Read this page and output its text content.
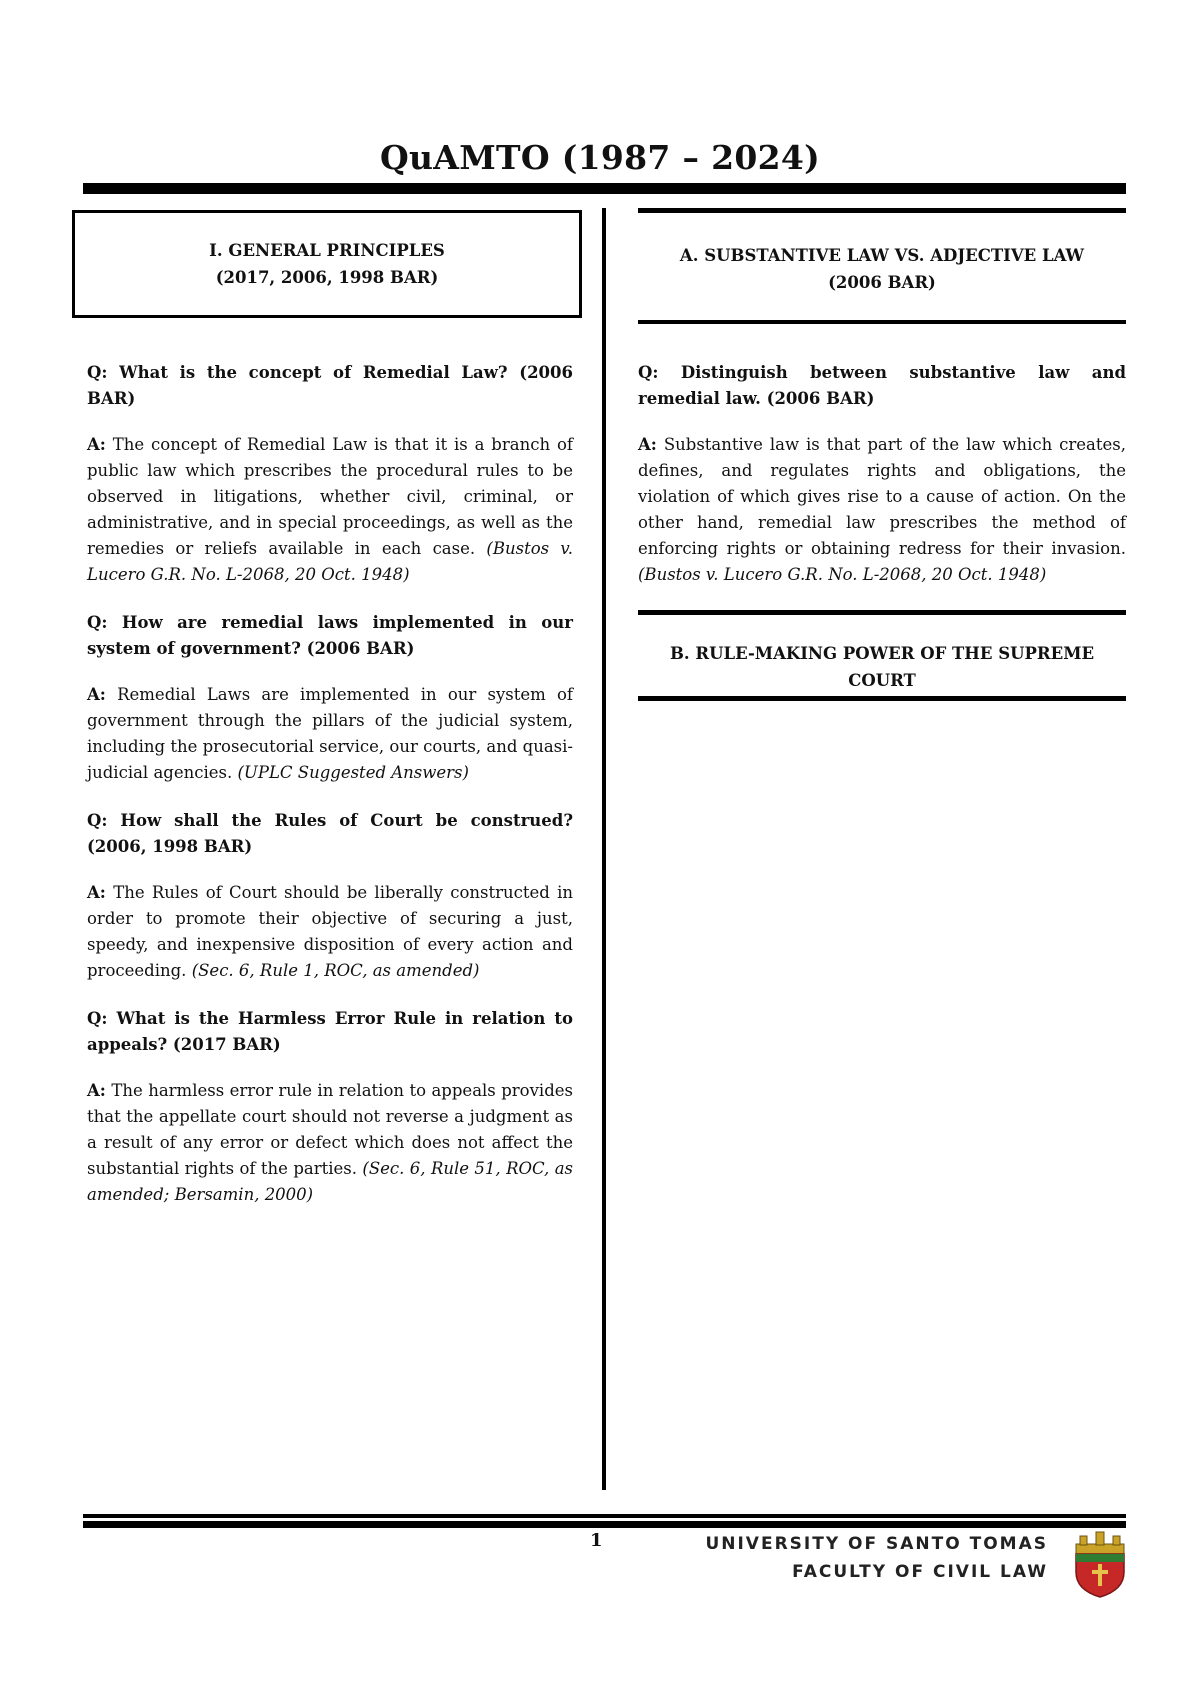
QuAMTO (1987 – 2024)
I. GENERAL PRINCIPLES
(2017, 2006, 1998 BAR)

Q: What is the concept of Remedial Law? (2006 BAR)

A: The concept of Remedial Law is that it is a branch of public law which prescribes the procedural rules to be observed in litigations, whether civil, criminal, or administrative, and in special proceedings, as well as the remedies or reliefs available in each case. (Bustos v. Lucero G.R. No. L-2068, 20 Oct. 1948)

Q: How are remedial laws implemented in our system of government? (2006 BAR)

A: Remedial Laws are implemented in our system of government through the pillars of the judicial system, including the prosecutorial service, our courts, and quasi-judicial agencies. (UPLC Suggested Answers)

Q: How shall the Rules of Court be construed? (2006, 1998 BAR)

A: The Rules of Court should be liberally constructed in order to promote their objective of securing a just, speedy, and inexpensive disposition of every action and proceeding. (Sec. 6, Rule 1, ROC, as amended)

Q: What is the Harmless Error Rule in relation to appeals? (2017 BAR)

A: The harmless error rule in relation to appeals provides that the appellate court should not reverse a judgment as a result of any error or defect which does not affect the substantial rights of the parties. (Sec. 6, Rule 51, ROC, as amended; Bersamin, 2000)

A. SUBSTANTIVE LAW VS. ADJECTIVE LAW
(2006 BAR)

Q: Distinguish between substantive law and remedial law. (2006 BAR)

A: Substantive law is that part of the law which creates, defines, and regulates rights and obligations, the violation of which gives rise to a cause of action. On the other hand, remedial law prescribes the method of enforcing rights or obtaining redress for their invasion. (Bustos v. Lucero G.R. No. L-2068, 20 Oct. 1948)

B. RULE-MAKING POWER OF THE SUPREME COURT
1	UNIVERSITY OF SANTO TOMAS
FACULTY OF CIVIL LAW
